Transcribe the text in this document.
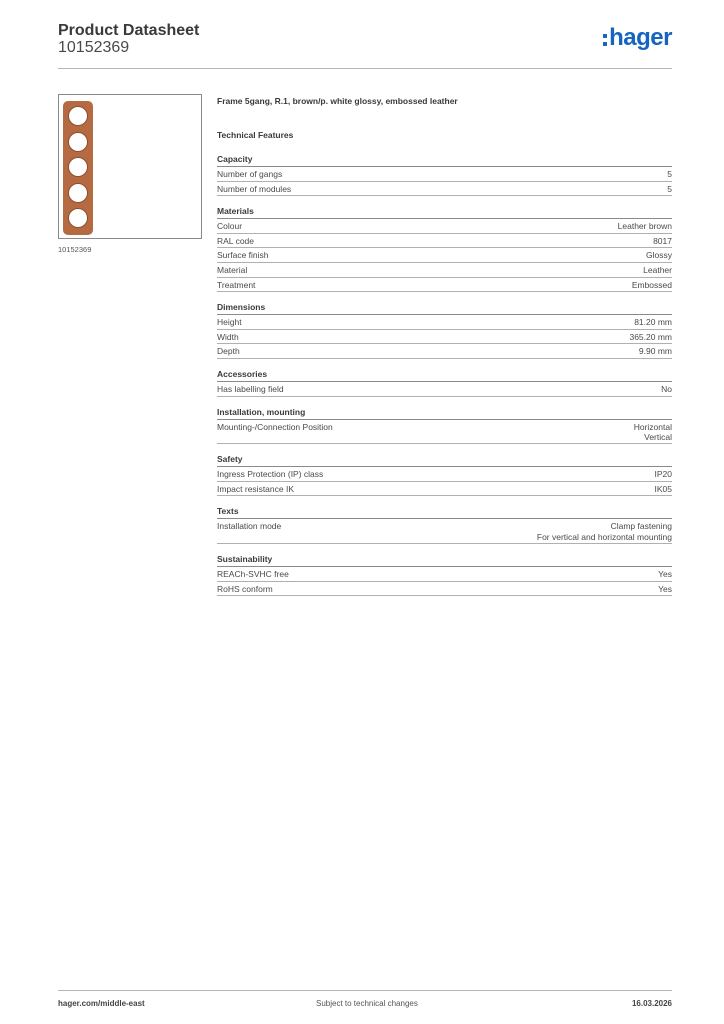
Product Datasheet
10152369	hager
10152369
Frame 5gang, R.1, brown/p. white glossy, embossed leather
Technical Features
Capacity
Number of gangs	5
Number of modules	5
Materials
Colour	Leather brown
RAL code	8017
Surface finish	Glossy
Material	Leather
Treatment	Embossed
Dimensions
Height	81.20 mm
Width	365.20 mm
Depth	9.90 mm
Accessories
Has labelling field	No
Installation, mounting
Mounting-/Connection Position	Horizontal
Vertical
Safety
Ingress Protection (IP) class	IP20
Impact resistance IK	IK05
Texts
Installation mode	Clamp fastening
For vertical and horizontal mounting
Sustainability
REACh-SVHC free	Yes
RoHS conform	Yes
hager.com/middle-east	Subject to technical changes	16.03.2026
